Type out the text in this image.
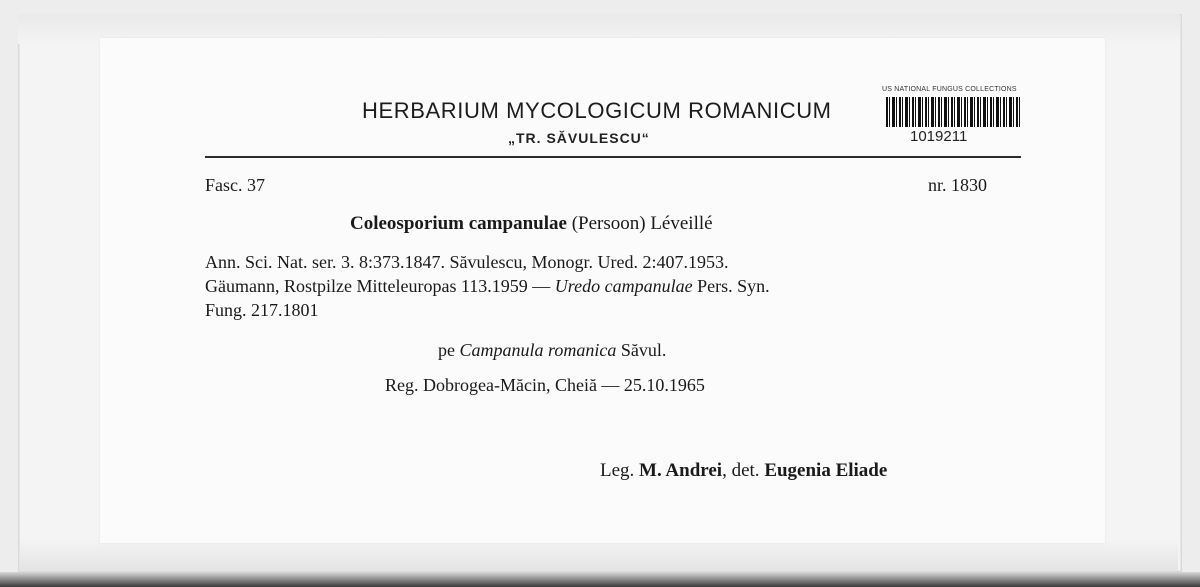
HERBARIUM MYCOLOGICUM ROMANICUM
„TR. SĂVULESCU“
US NATIONAL FUNGUS COLLECTIONS
1019211
Fasc. 37	nr. 1830
Coleosporium campanulae (Persoon) Léveillé
Ann. Sci. Nat. ser. 3. 8:373.1847. Săvulescu, Monogr. Ured. 2:407.1953.
Gäumann, Rostpilze Mitteleuropas 113.1959 — Uredo campanulae Pers. Syn.
Fung. 217.1801
pe Campanula romanica Săvul.
Reg. Dobrogea-Măcin, Cheiă — 25.10.1965
Leg. M. Andrei, det. Eugenia Eliade
